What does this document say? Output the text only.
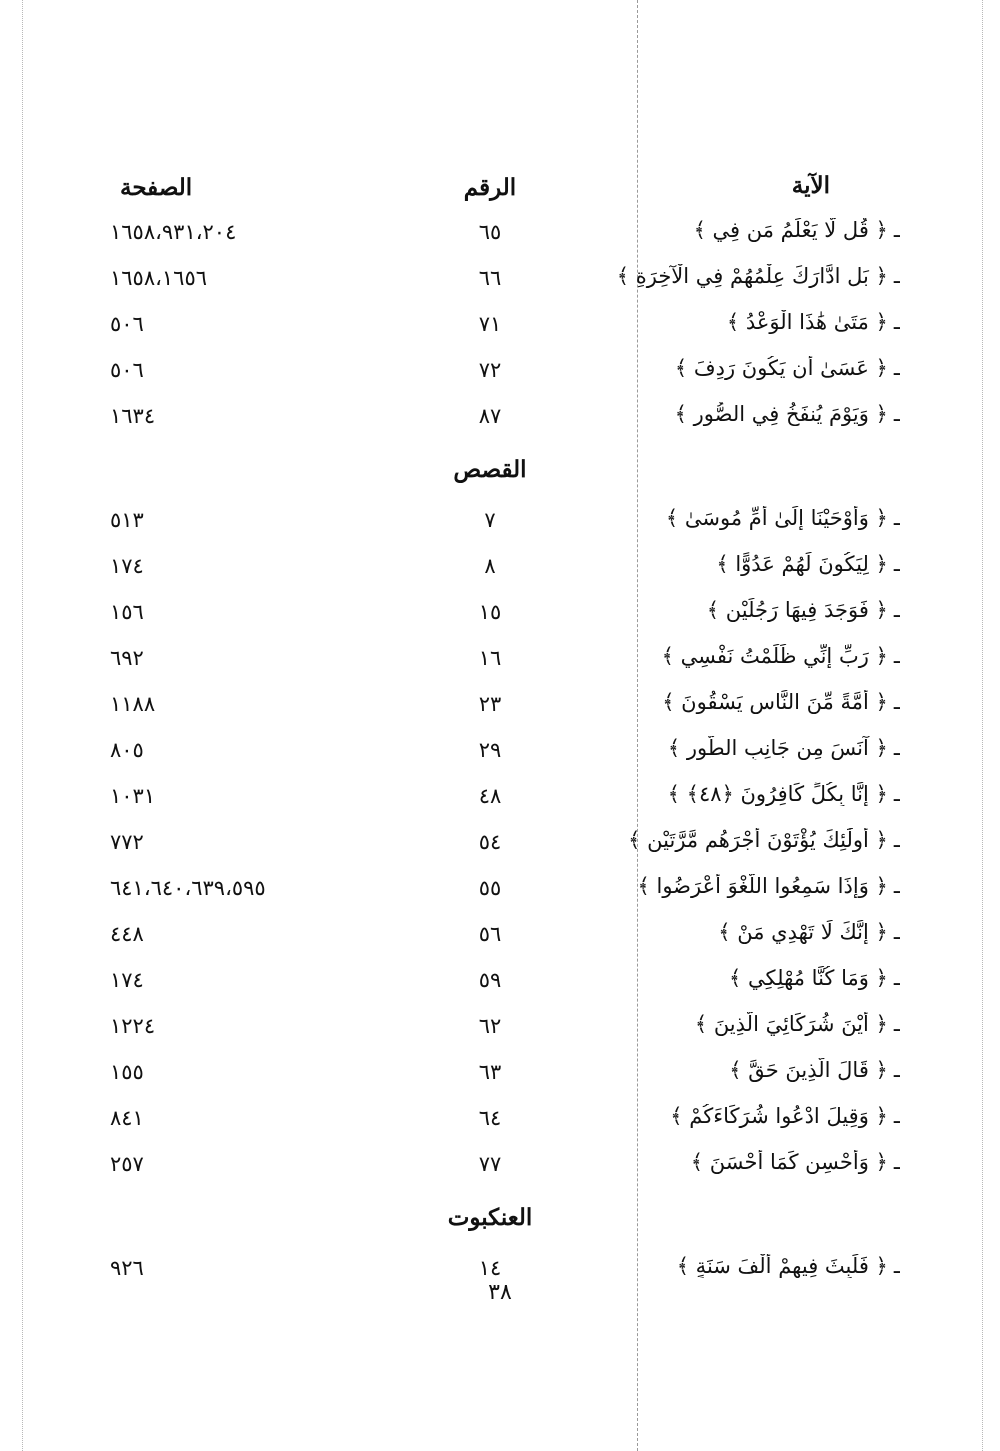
الآية
الرقم
الصفحة
ـ﴿ قُل لَّا يَعْلَمُ مَن فِي ﴾
٦٥
١٦٥٨،٩٣١،٢٠٤
ـ﴿ بَلِ ادَّارَكَ عِلْمُهُمْ فِي الْآخِرَةِ ﴾
٦٦
١٦٥٨،١٦٥٦
ـ﴿ مَتَىٰ هَٰذَا الْوَعْدُ ﴾
٧١
٥٠٦
ـ﴿ عَسَىٰ أَن يَكُونَ رَدِفَ ﴾
٧٢
٥٠٦
ـ﴿ وَيَوْمَ يُنفَخُ فِي الصُّورِ ﴾
٨٧
١٦٣٤
القصص
ـ﴿ وَأَوْحَيْنَا إِلَىٰ أُمِّ مُوسَىٰ ﴾
٧
٥١٣
ـ﴿ لِيَكُونَ لَهُمْ عَدُوًّا ﴾
٨
١٧٤
ـ﴿ فَوَجَدَ فِيهَا رَجُلَيْنِ ﴾
١٥
١٥٦
ـ﴿ رَبِّ إِنِّي ظَلَمْتُ نَفْسِي ﴾
١٦
٦٩٢
ـ﴿ أُمَّةً مِّنَ النَّاسِ يَسْقُونَ ﴾
٢٣
١١٨٨
ـ﴿ آنَسَ مِن جَانِبِ الطُّورِ ﴾
٢٩
٨٠٥
ـ﴿ إِنَّا بِكُلٍّ كَافِرُونَ ﴿٤٨﴾ ﴾
٤٨
١٠٣١
ـ﴿ أُولَٰئِكَ يُؤْتَوْنَ أَجْرَهُم مَّرَّتَيْنِ ﴾
٥٤
٧٧٢
ـ﴿ وَإِذَا سَمِعُوا اللَّغْوَ أَعْرَضُوا ﴾
٥٥
٦٤١،٦٤٠،٦٣٩،٥٩٥
ـ﴿ إِنَّكَ لَا تَهْدِي مَنْ ﴾
٥٦
٤٤٨
ـ﴿ وَمَا كُنَّا مُهْلِكِي ﴾
٥٩
١٧٤
ـ﴿ أَيْنَ شُرَكَائِيَ الَّذِينَ ﴾
٦٢
١٢٢٤
ـ﴿ قَالَ الَّذِينَ حَقَّ ﴾
٦٣
١٥٥
ـ﴿ وَقِيلَ ادْعُوا شُرَكَاءَكُمْ ﴾
٦٤
٨٤١
ـ﴿ وَأَحْسِن كَمَا أَحْسَنَ ﴾
٧٧
٢٥٧
العنكبوت
ـ﴿ فَلَبِثَ فِيهِمْ أَلْفَ سَنَةٍ ﴾
١٤
٩٢٦
٣٨
